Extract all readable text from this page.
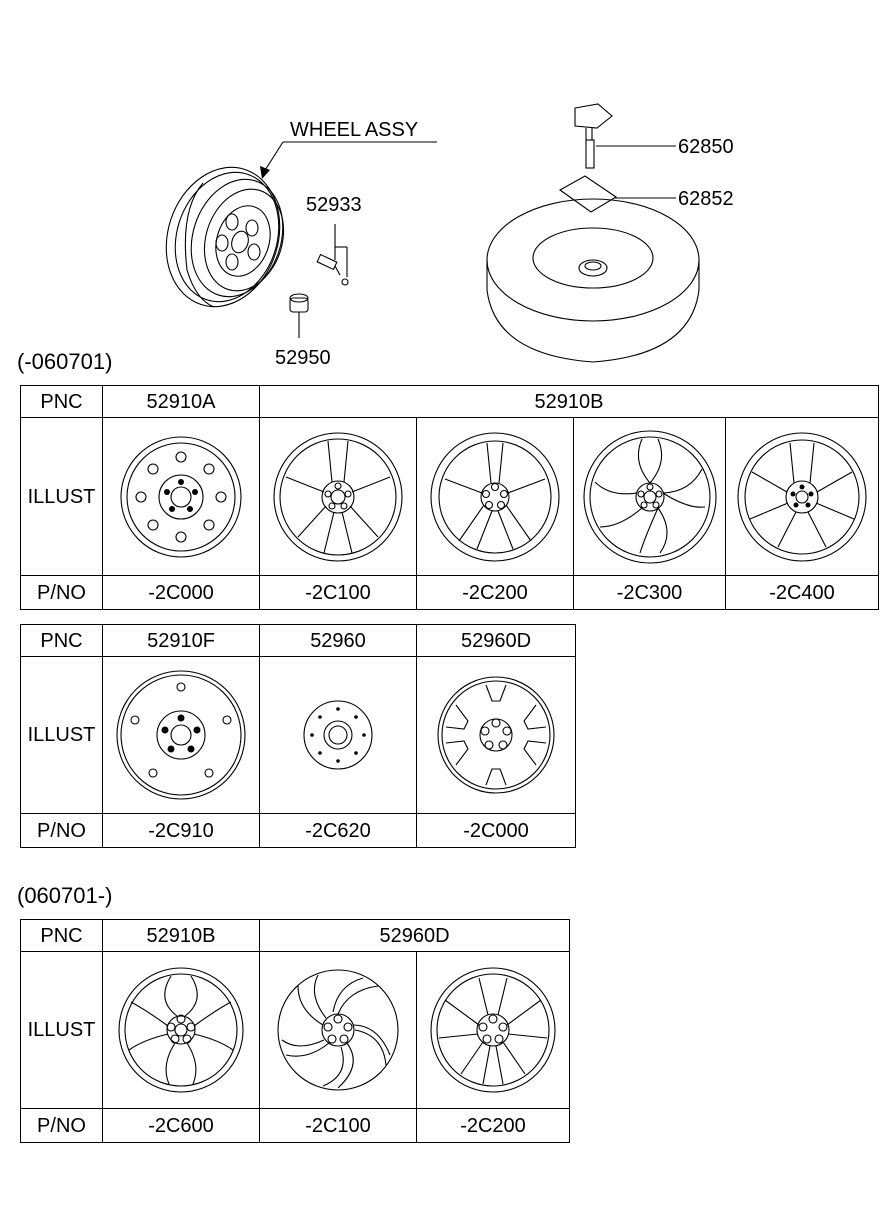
WHEEL ASSY
52933
52950
62850
62852
(-060701)
PNC	52910A	52910B			
ILLUST	

P/NO	-2C000	-2C100	-2C200	-2C300	-2C400
PNC	52910F	52960	52960D
ILLUST	

P/NO	-2C910	-2C620	-2C000
(060701-)
PNC	52910B	52960D	
ILLUST	

P/NO	-2C600	-2C100	-2C200
